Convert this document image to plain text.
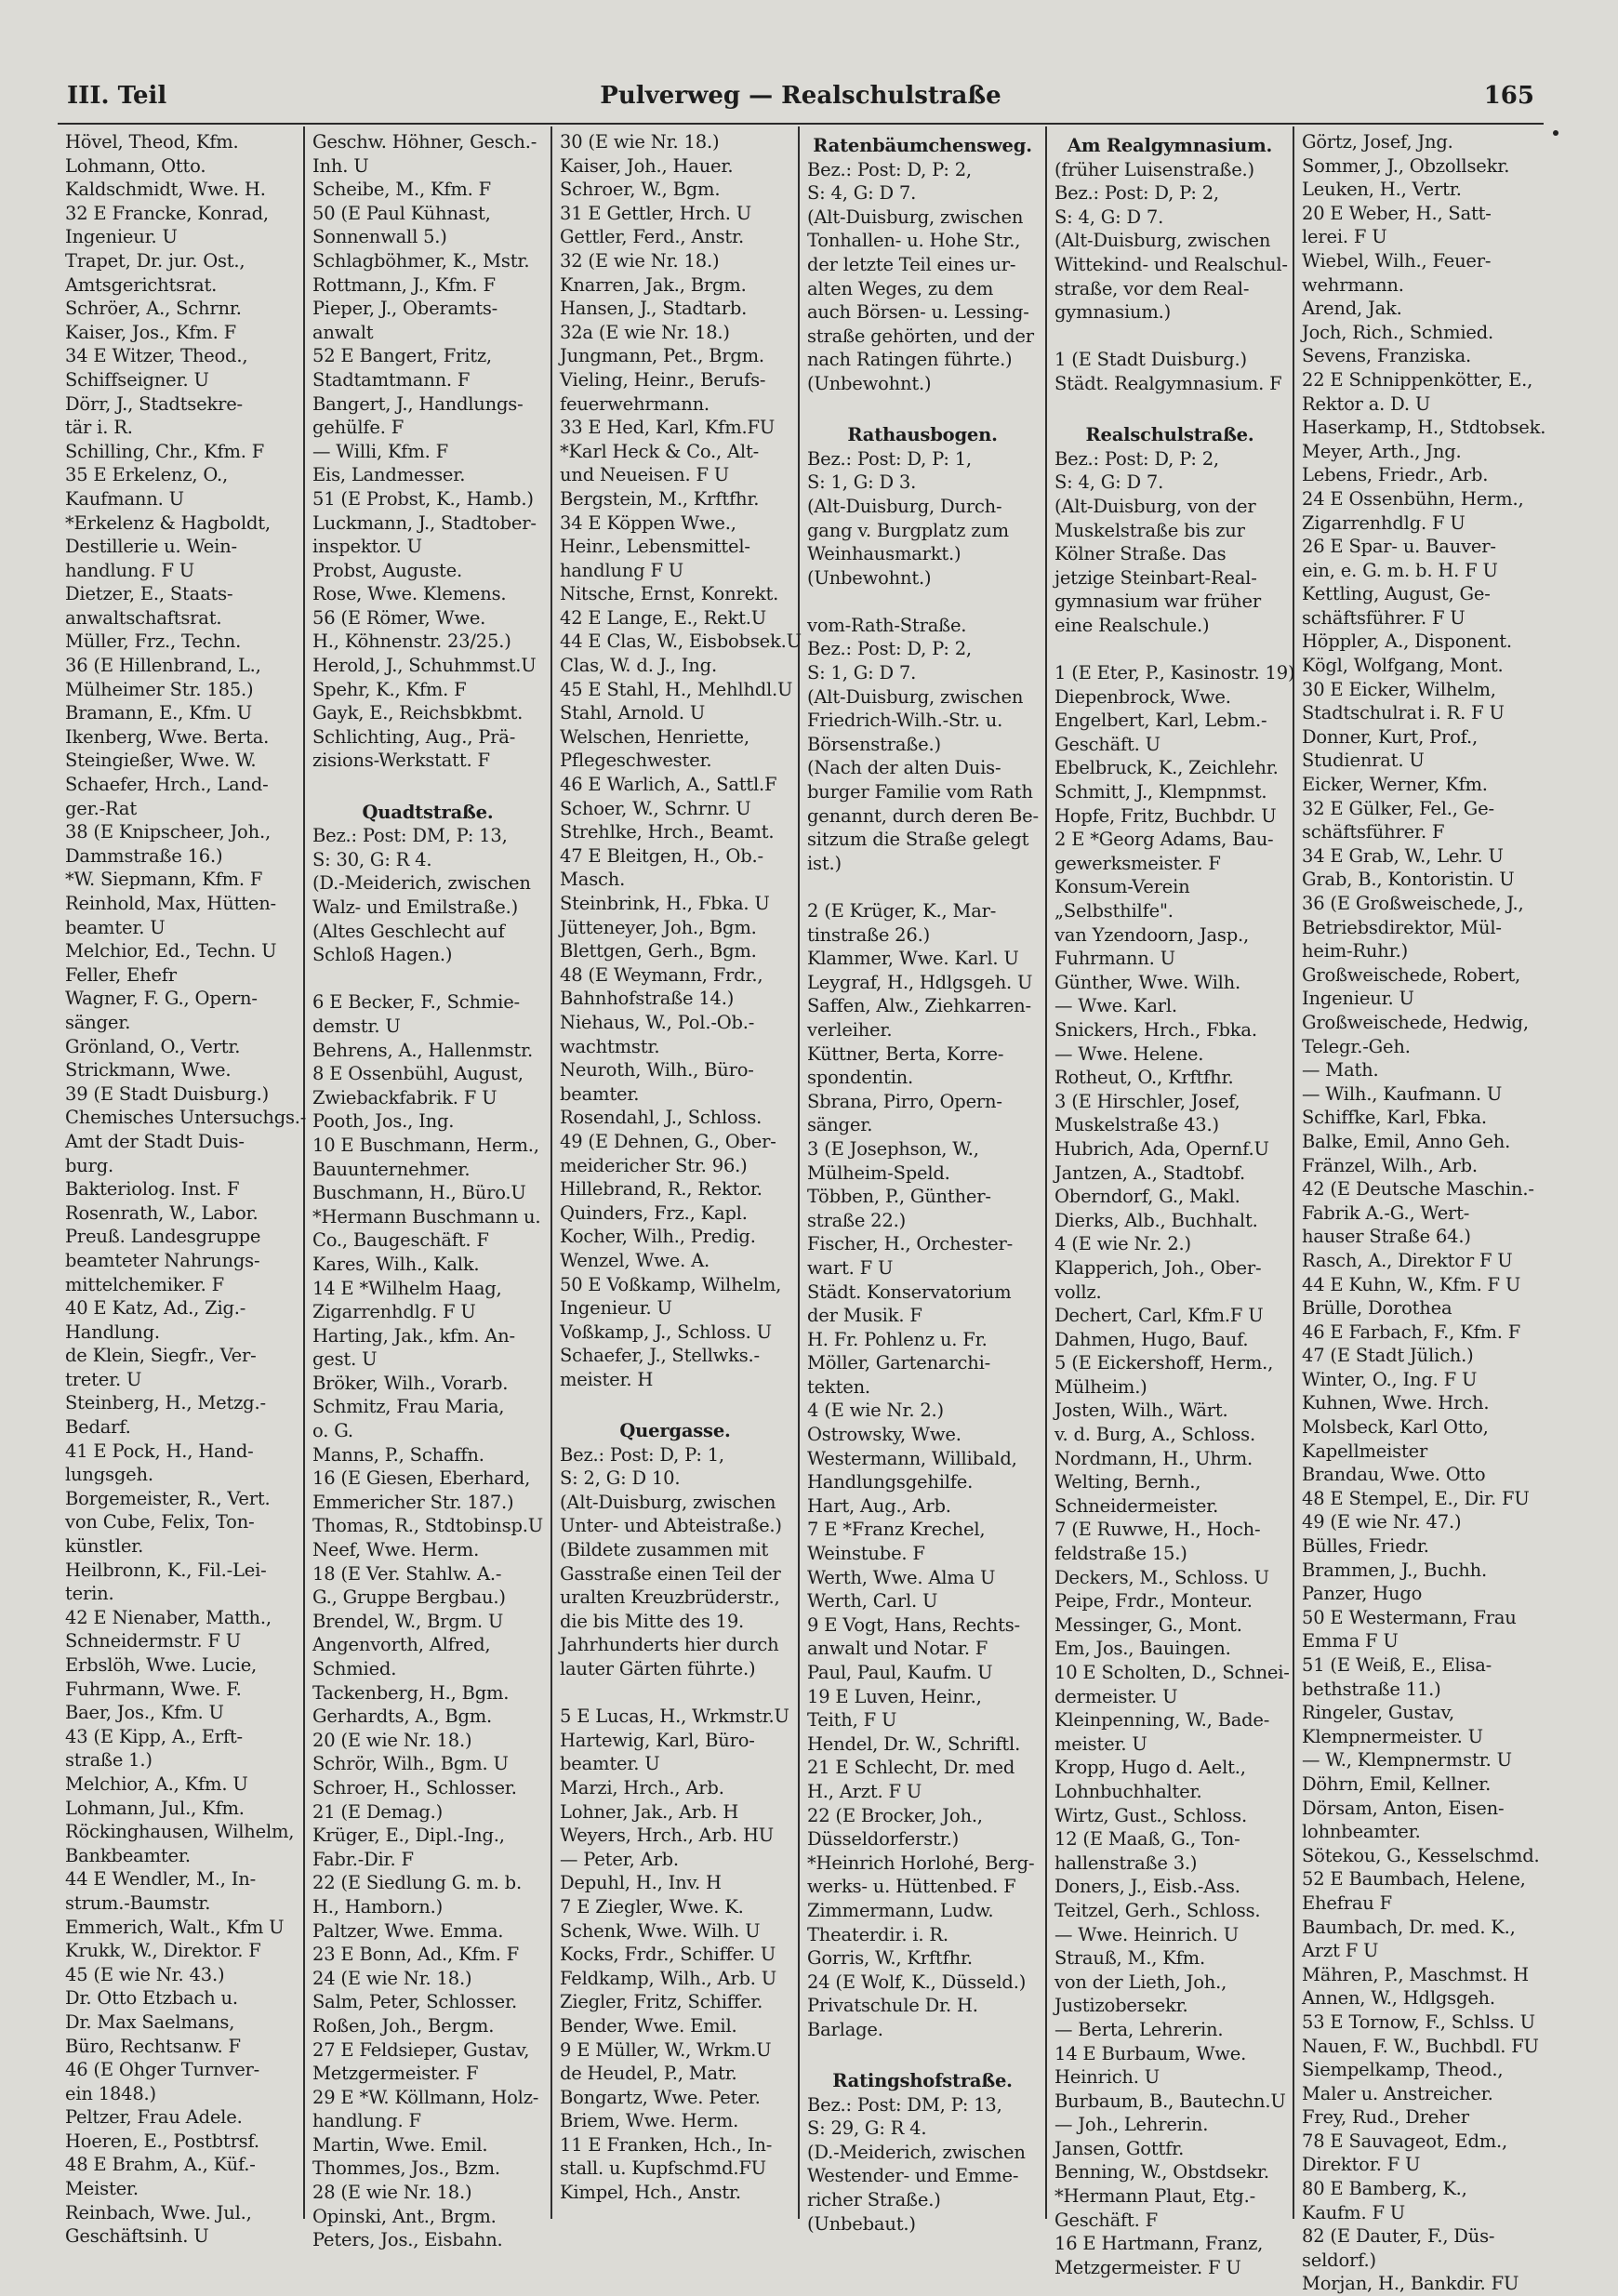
III. Teil	Pulverweg — Realschulstraße	165
Hövel, Theod, Kfm.
Lohmann, Otto.
Kaldschmidt, Wwe. H.
32 E Francke, Konrad,
Ingenieur. U
Trapet, Dr. jur. Ost.,
Amtsgerichtsrat.
Schröer, A., Schrnr.
Kaiser, Jos., Kfm. F
34 E Witzer, Theod.,
Schiffseigner. U
Dörr, J., Stadtsekre-
tär i. R.
Schilling, Chr., Kfm. F
35 E Erkelenz, O.,
Kaufmann. U
*Erkelenz & Hagboldt,
Destillerie u. Wein-
handlung. F U
Dietzer, E., Staats-
anwaltschaftsrat.
Müller, Frz., Techn.
36 (E Hillenbrand, L.,
Mülheimer Str. 185.)
Bramann, E., Kfm. U
Ikenberg, Wwe. Berta.
Steingießer, Wwe. W.
Schaefer, Hrch., Land-
ger.-Rat
38 (E Knipscheer, Joh.,
Dammstraße 16.)
*W. Siepmann, Kfm. F
Reinhold, Max, Hütten-
beamter. U
Melchior, Ed., Techn. U
Feller, Ehefr
Wagner, F. G., Opern-
sänger.
Grönland, O., Vertr.
Strickmann, Wwe.
39 (E Stadt Duisburg.)
Chemisches Untersuchgs.-
Amt der Stadt Duis-
burg.
Bakteriolog. Inst. F
Rosenrath, W., Labor.
Preuß. Landesgruppe
beamteter Nahrungs-
mittelchemiker. F
40 E Katz, Ad., Zig.-
Handlung.
de Klein, Siegfr., Ver-
treter. U
Steinberg, H., Metzg.-
Bedarf.
41 E Pock, H., Hand-
lungsgeh.
Borgemeister, R., Vert.
von Cube, Felix, Ton-
künstler.
Heilbronn, K., Fil.-Lei-
terin.
42 E Nienaber, Matth.,
Schneidermstr. F U
Erbslöh, Wwe. Lucie,
Fuhrmann, Wwe. F.
Baer, Jos., Kfm. U
43 (E Kipp, A., Erft-
straße 1.)
Melchior, A., Kfm. U
Lohmann, Jul., Kfm.
Röckinghausen, Wilhelm,
Bankbeamter.
44 E Wendler, M., In-
strum.-Baumstr.
Emmerich, Walt., Kfm U
Krukk, W., Direktor. F
45 (E wie Nr. 43.)
Dr. Otto Etzbach u.
Dr. Max Saelmans,
Büro, Rechtsanw. F
46 (E Ohger Turnver-
ein 1848.)
Peltzer, Frau Adele.
Hoeren, E., Postbtrsf.
48 E Brahm, A., Küf.-
Meister.
Reinbach, Wwe. Jul.,
Geschäftsinh. U
Geschw. Höhner, Gesch.-
Inh. U
Scheibe, M., Kfm. F
50 (E Paul Kühnast,
Sonnenwall 5.)
Schlagböhmer, K., Mstr.
Rottmann, J., Kfm. F
Pieper, J., Oberamts-
anwalt
52 E Bangert, Fritz,
Stadtamtmann. F
Bangert, J., Handlungs-
gehülfe. F
— Willi, Kfm. F
Eis, Landmesser.
51 (E Probst, K., Hamb.)
Luckmann, J., Stadtober-
inspektor. U
Probst, Auguste.
Rose, Wwe. Klemens.
56 (E Römer, Wwe.
H., Köhnenstr. 23/25.)
Herold, J., Schuhmmst.U
Spehr, K., Kfm. F
Gayk, E., Reichsbkbmt.
Schlichting, Aug., Prä-
zisions-Werkstatt. F

Quadtstraße.
Bez.: Post: DM, P: 13,
S: 30, G: R 4.
(D.-Meiderich, zwischen
Walz- und Emilstraße.)
(Altes Geschlecht auf
Schloß Hagen.)

6 E Becker, F., Schmie-
demstr. U
Behrens, A., Hallenmstr.
8 E Ossenbühl, August,
Zwiebackfabrik. F U
Pooth, Jos., Ing.
10 E Buschmann, Herm.,
Bauunternehmer.
Buschmann, H., Büro.U
*Hermann Buschmann u.
Co., Baugeschäft. F
Kares, Wilh., Kalk.
14 E *Wilhelm Haag,
Zigarrenhdlg. F U
Harting, Jak., kfm. An-
gest. U
Bröker, Wilh., Vorarb.
Schmitz, Frau Maria,
o. G.
Manns, P., Schaffn.
16 (E Giesen, Eberhard,
Emmericher Str. 187.)
Thomas, R., Stdtobinsp.U
Neef, Wwe. Herm.
18 (E Ver. Stahlw. A.-
G., Gruppe Bergbau.)
Brendel, W., Brgm. U
Angenvorth, Alfred,
Schmied.
Tackenberg, H., Bgm.
Gerhardts, A., Bgm.
20 (E wie Nr. 18.)
Schrör, Wilh., Bgm. U
Schroer, H., Schlosser.
21 (E Demag.)
Krüger, E., Dipl.-Ing.,
Fabr.-Dir. F
22 (E Siedlung G. m. b.
H., Hamborn.)
Paltzer, Wwe. Emma.
23 E Bonn, Ad., Kfm. F
24 (E wie Nr. 18.)
Salm, Peter, Schlosser.
Roßen, Joh., Bergm.
27 E Feldsieper, Gustav,
Metzgermeister. F
29 E *W. Köllmann, Holz-
handlung. F
Martin, Wwe. Emil.
Thommes, Jos., Bzm.
28 (E wie Nr. 18.)
Opinski, Ant., Brgm.
Peters, Jos., Eisbahn.
30 (E wie Nr. 18.)
Kaiser, Joh., Hauer.
Schroer, W., Bgm.
31 E Gettler, Hrch. U
Gettler, Ferd., Anstr.
32 (E wie Nr. 18.)
Knarren, Jak., Brgm.
Hansen, J., Stadtarb.
32a (E wie Nr. 18.)
Jungmann, Pet., Brgm.
Vieling, Heinr., Berufs-
feuerwehrmann.
33 E Hed, Karl, Kfm.FU
*Karl Heck & Co., Alt-
und Neueisen. F U
Bergstein, M., Krftfhr.
34 E Köppen Wwe.,
Heinr., Lebensmittel-
handlung F U
Nitsche, Ernst, Konrekt.
42 E Lange, E., Rekt.U
44 E Clas, W., Eisbobsek.U
Clas, W. d. J., Ing.
45 E Stahl, H., Mehlhdl.U
Stahl, Arnold. U
Welschen, Henriette,
Pflegeschwester.
46 E Warlich, A., Sattl.F
Schoer, W., Schrnr. U
Strehlke, Hrch., Beamt.
47 E Bleitgen, H., Ob.-
Masch.
Steinbrink, H., Fbka. U
Jütteneyer, Joh., Bgm.
Blettgen, Gerh., Bgm.
48 (E Weymann, Frdr.,
Bahnhofstraße 14.)
Niehaus, W., Pol.-Ob.-
wachtmstr.
Neuroth, Wilh., Büro-
beamter.
Rosendahl, J., Schloss.
49 (E Dehnen, G., Ober-
meidericher Str. 96.)
Hillebrand, R., Rektor.
Quinders, Frz., Kapl.
Kocher, Wilh., Predig.
Wenzel, Wwe. A.
50 E Voßkamp, Wilhelm,
Ingenieur. U
Voßkamp, J., Schloss. U
Schaefer, J., Stellwks.-
meister. H

Quergasse.
Bez.: Post: D, P: 1,
S: 2, G: D 10.
(Alt-Duisburg, zwischen
Unter- und Abteistraße.)
(Bildete zusammen mit
Gasstraße einen Teil der
uralten Kreuzbrüderstr.,
die bis Mitte des 19.
Jahrhunderts hier durch
lauter Gärten führte.)

5 E Lucas, H., Wrkmstr.U
Hartewig, Karl, Büro-
beamter. U
Marzi, Hrch., Arb.
Lohner, Jak., Arb. H
Weyers, Hrch., Arb. HU
— Peter, Arb.
Depuhl, H., Inv. H
7 E Ziegler, Wwe. K.
Schenk, Wwe. Wilh. U
Kocks, Frdr., Schiffer. U
Feldkamp, Wilh., Arb. U
Ziegler, Fritz, Schiffer.
Bender, Wwe. Emil.
9 E Müller, W., Wrkm.U
de Heudel, P., Matr.
Bongartz, Wwe. Peter.
Briem, Wwe. Herm.
11 E Franken, Hch., In-
stall. u. Kupfschmd.FU
Kimpel, Hch., Anstr.
Ratenbäumchensweg.
Bez.: Post: D, P: 2,
S: 4, G: D 7.
(Alt-Duisburg, zwischen
Tonhallen- u. Hohe Str.,
der letzte Teil eines ur-
alten Weges, zu dem
auch Börsen- u. Lessing-
straße gehörten, und der
nach Ratingen führte.)
(Unbewohnt.)

Rathausbogen.
Bez.: Post: D, P: 1,
S: 1, G: D 3.
(Alt-Duisburg, Durch-
gang v. Burgplatz zum
Weinhausmarkt.)
(Unbewohnt.)

vom-Rath-Straße.
Bez.: Post: D, P: 2,
S: 1, G: D 7.
(Alt-Duisburg, zwischen
Friedrich-Wilh.-Str. u.
Börsenstraße.)
(Nach der alten Duis-
burger Familie vom Rath
genannt, durch deren Be-
sitzum die Straße gelegt
ist.)

2 (E Krüger, K., Mar-
tinstraße 26.)
Klammer, Wwe. Karl. U
Leygraf, H., Hdlgsgeh. U
Saffen, Alw., Ziehkarren-
verleiher.
Küttner, Berta, Korre-
spondentin.
Sbrana, Pirro, Opern-
sänger.
3 (E Josephson, W.,
Mülheim-Speld.
Többen, P., Günther-
straße 22.)
Fischer, H., Orchester-
wart. F U
Städt. Konservatorium
der Musik. F
H. Fr. Pohlenz u. Fr.
Möller, Gartenarchi-
tekten.
4 (E wie Nr. 2.)
Ostrowsky, Wwe.
Westermann, Willibald,
Handlungsgehilfe.
Hart, Aug., Arb.
7 E *Franz Krechel,
Weinstube. F
Werth, Wwe. Alma U
Werth, Carl. U
9 E Vogt, Hans, Rechts-
anwalt und Notar. F
Paul, Paul, Kaufm. U
19 E Luven, Heinr.,
Teith, F U
Hendel, Dr. W., Schriftl.
21 E Schlecht, Dr. med
H., Arzt. F U
22 (E Brocker, Joh.,
Düsseldorferstr.)
*Heinrich Horlohé, Berg-
werks- u. Hüttenbed. F
Zimmermann, Ludw.
Theaterdir. i. R.
Gorris, W., Krftfhr.
24 (E Wolf, K., Düsseld.)
Privatschule Dr. H.
Barlage.

Ratingshofstraße.
Bez.: Post: DM, P: 13,
S: 29, G: R 4.
(D.-Meiderich, zwischen
Westender- und Emme-
richer Straße.)
(Unbebaut.)
Am Realgymnasium.
(früher Luisenstraße.)
Bez.: Post: D, P: 2,
S: 4, G: D 7.
(Alt-Duisburg, zwischen
Wittekind- und Realschul-
straße, vor dem Real-
gymnasium.)

1 (E Stadt Duisburg.)
Städt. Realgymnasium. F

Realschulstraße.
Bez.: Post: D, P: 2,
S: 4, G: D 7.
(Alt-Duisburg, von der
Muskelstraße bis zur
Kölner Straße. Das
jetzige Steinbart-Real-
gymnasium war früher
eine Realschule.)

1 (E Eter, P., Kasinostr. 19)
Diepenbrock, Wwe.
Engelbert, Karl, Lebm.-
Geschäft. U
Ebelbruck, K., Zeichlehr.
Schmitt, J., Klempnmst.
Hopfe, Fritz, Buchbdr. U
2 E *Georg Adams, Bau-
gewerksmeister. F
Konsum-Verein
„Selbsthilfe".
van Yzendoorn, Jasp.,
Fuhrmann. U
Günther, Wwe. Wilh.
— Wwe. Karl.
Snickers, Hrch., Fbka.
— Wwe. Helene.
Rotheut, O., Krftfhr.
3 (E Hirschler, Josef,
Muskelstraße 43.)
Hubrich, Ada, Opernf.U
Jantzen, A., Stadtobf.
Oberndorf, G., Makl.
Dierks, Alb., Buchhalt.
4 (E wie Nr. 2.)
Klapperich, Joh., Ober-
vollz.
Dechert, Carl, Kfm.F U
Dahmen, Hugo, Bauf.
5 (E Eickershoff, Herm.,
Mülheim.)
Josten, Wilh., Wärt.
v. d. Burg, A., Schloss.
Nordmann, H., Uhrm.
Welting, Bernh.,
Schneidermeister.
7 (E Ruwwe, H., Hoch-
feldstraße 15.)
Deckers, M., Schloss. U
Peipe, Frdr., Monteur.
Messinger, G., Mont.
Em, Jos., Bauingen.
10 E Scholten, D., Schnei-
dermeister. U
Kleinpenning, W., Bade-
meister. U
Kropp, Hugo d. Aelt.,
Lohnbuchhalter.
Wirtz, Gust., Schloss.
12 (E Maaß, G., Ton-
hallenstraße 3.)
Doners, J., Eisb.-Ass.
Teitzel, Gerh., Schloss.
— Wwe. Heinrich. U
Strauß, M., Kfm.
von der Lieth, Joh.,
Justizobersekr.
— Berta, Lehrerin.
14 E Burbaum, Wwe.
Heinrich. U
Burbaum, B., Bautechn.U
— Joh., Lehrerin.
Jansen, Gottfr.
Benning, W., Obstdsekr.
*Hermann Plaut, Etg.-
Geschäft. F
16 E Hartmann, Franz,
Metzgermeister. F U
Görtz, Josef, Jng.
Sommer, J., Obzollsekr.
Leuken, H., Vertr.
20 E Weber, H., Satt-
lerei. F U
Wiebel, Wilh., Feuer-
wehrmann.
Arend, Jak.
Joch, Rich., Schmied.
Sevens, Franziska.
22 E Schnippenkötter, E.,
Rektor a. D. U
Haserkamp, H., Stdtobsek.
Meyer, Arth., Jng.
Lebens, Friedr., Arb.
24 E Ossenbühn, Herm.,
Zigarrenhdlg. F U
26 E Spar- u. Bauver-
ein, e. G. m. b. H. F U
Kettling, August, Ge-
schäftsführer. F U
Höppler, A., Disponent.
Kögl, Wolfgang, Mont.
30 E Eicker, Wilhelm,
Stadtschulrat i. R. F U
Donner, Kurt, Prof.,
Studienrat. U
Eicker, Werner, Kfm.
32 E Gülker, Fel., Ge-
schäftsführer. F
34 E Grab, W., Lehr. U
Grab, B., Kontoristin. U
36 (E Großweischede, J.,
Betriebsdirektor, Mül-
heim-Ruhr.)
Großweischede, Robert,
Ingenieur. U
Großweischede, Hedwig,
Telegr.-Geh.
— Math.
— Wilh., Kaufmann. U
Schiffke, Karl, Fbka.
Balke, Emil, Anno Geh.
Fränzel, Wilh., Arb.
42 (E Deutsche Maschin.-
Fabrik A.-G., Wert-
hauser Straße 64.)
Rasch, A., Direktor F U
44 E Kuhn, W., Kfm. F U
Brülle, Dorothea
46 E Farbach, F., Kfm. F
47 (E Stadt Jülich.)
Winter, O., Ing. F U
Kuhnen, Wwe. Hrch.
Molsbeck, Karl Otto,
Kapellmeister
Brandau, Wwe. Otto
48 E Stempel, E., Dir. FU
49 (E wie Nr. 47.)
Bülles, Friedr.
Brammen, J., Buchh.
Panzer, Hugo
50 E Westermann, Frau
Emma F U
51 (E Weiß, E., Elisa-
bethstraße 11.)
Ringeler, Gustav,
Klempnermeister. U
— W., Klempnermstr. U
Döhrn, Emil, Kellner.
Dörsam, Anton, Eisen-
lohnbeamter.
Sötekou, G., Kesselschmd.
52 E Baumbach, Helene,
Ehefrau F
Baumbach, Dr. med. K.,
Arzt F U
Mähren, P., Maschmst. H
Annen, W., Hdlgsgeh.
53 E Tornow, F., Schlss. U
Nauen, F. W., Buchbdl. FU
Siempelkamp, Theod.,
Maler u. Anstreicher.
Frey, Rud., Dreher
78 E Sauvageot, Edm.,
Direktor. F U
80 E Bamberg, K.,
Kaufm. F U
82 (E Dauter, F., Düs-
seldorf.)
Morjan, H., Bankdir. FU
